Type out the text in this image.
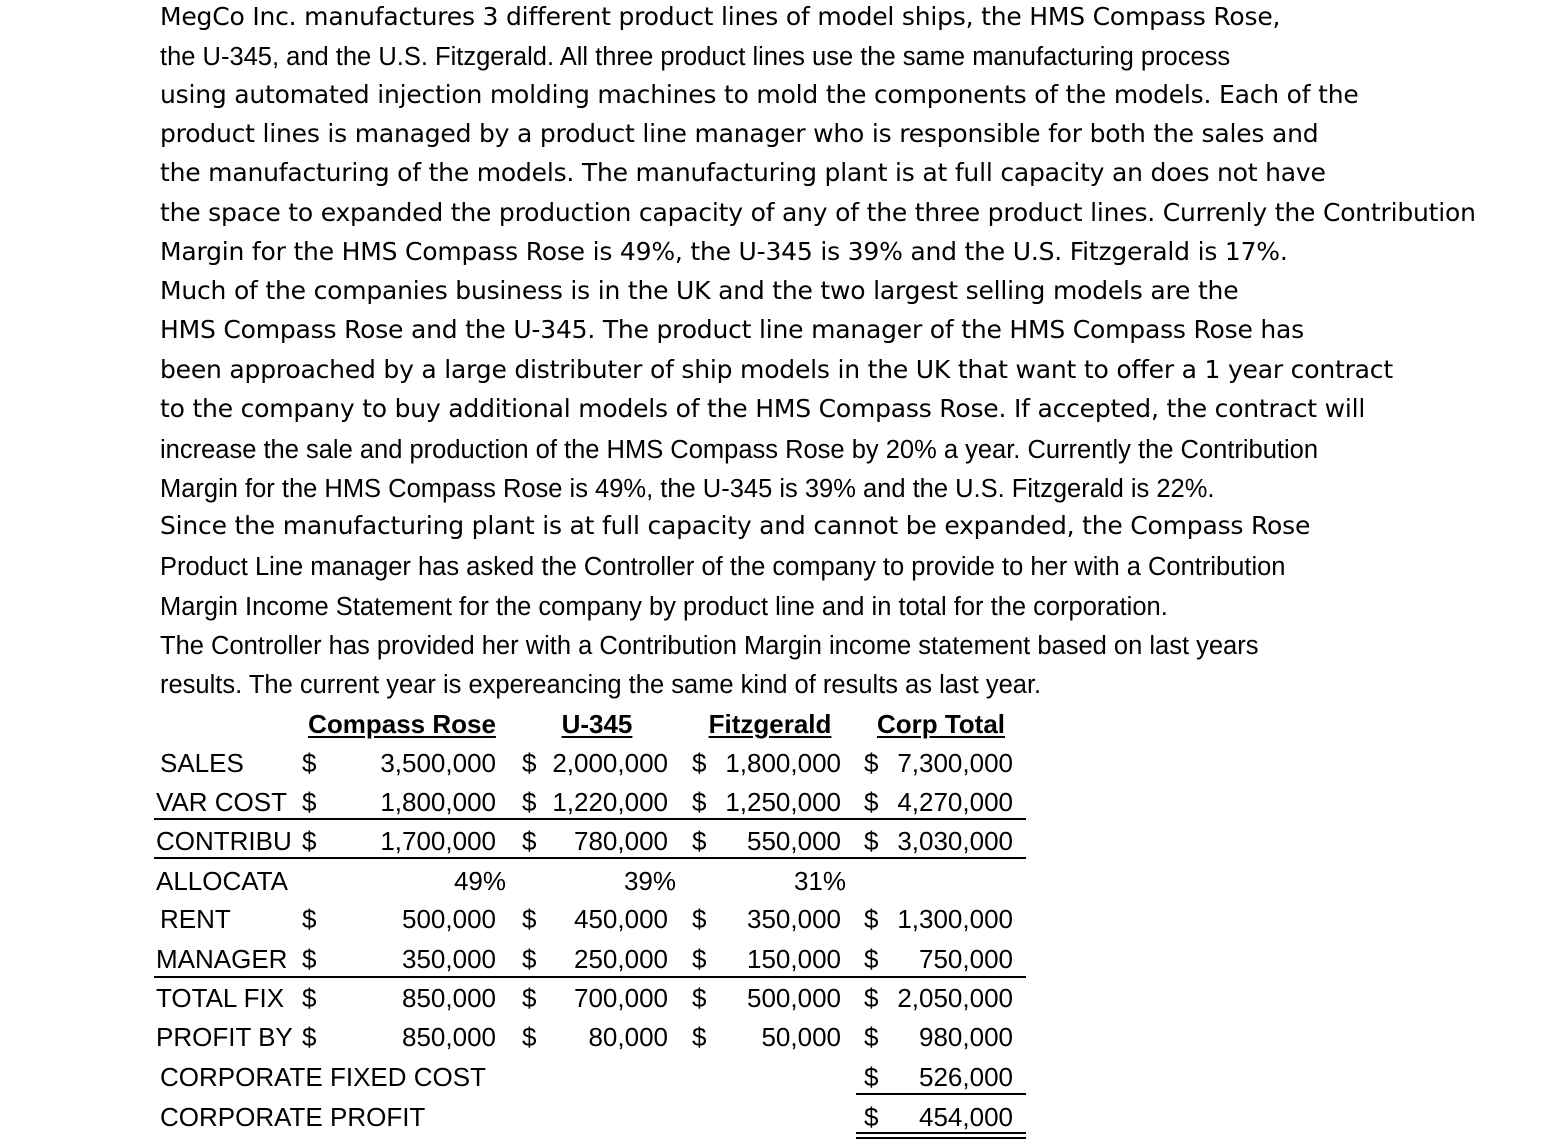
MegCo Inc. manufactures 3 different product lines of model ships, the HMS Compass Rose,
the U-345, and the U.S. Fitzgerald. All three product lines use the same manufacturing process
using automated injection molding machines to mold the components of the models. Each of the
product lines is managed by a product line manager who is responsible for both the sales and
the manufacturing of the models. The manufacturing plant is at full capacity an does not have
the space to expanded the production capacity of any of the three product lines. Currenly the Contribution
Margin for the HMS Compass Rose is 49%, the U-345 is 39% and the U.S. Fitzgerald is 17%.
Much of the companies business is in the UK and the two largest selling models are the
HMS Compass Rose and the U-345. The product line manager of the HMS Compass Rose has
been approached by a large distributer of ship models in the UK that want to offer a 1 year contract
to the company to buy additional models of the HMS Compass Rose. If accepted, the contract will
increase the sale and production of the HMS Compass Rose by 20% a year. Currently the Contribution
Margin for the HMS Compass Rose is 49%, the U-345 is 39% and the U.S. Fitzgerald is 22%.
Since the manufacturing plant is at full capacity and cannot be expanded, the Compass Rose
Product Line manager has asked the Controller of the company to provide to her with a Contribution
Margin Income Statement for the company by product line and in total for the corporation.
The Controller has provided her with a Contribution Margin income statement based on last years
results. The current year is expereancing the same kind of results as last year.
Compass Rose	U-345	Fitzgerald	Corp Total
SALES $	3,500,000 $ 2,000,000 $ 1,800,000 $ 7,300,000
VAR COST $	1,800,000 $ 1,220,000 $ 1,250,000 $ 4,270,000
CONTRIBU $	1,700,000 $	780,000 $	550,000 $ 3,030,000
ALLOCATA	49%	39%	31%
RENT	$	500,000 $	450,000 $	350,000 $ 1,300,000
MANAGER $	350,000 $	250,000 $	150,000 $	750,000
TOTAL FIX $	850,000 $	700,000 $	500,000 $ 2,050,000
PROFIT BY $	850,000 $	80,000 $	50,000 $	980,000
CORPORATE FIXED COST	$	526,000
CORPORATE PROFIT	$	454,000
